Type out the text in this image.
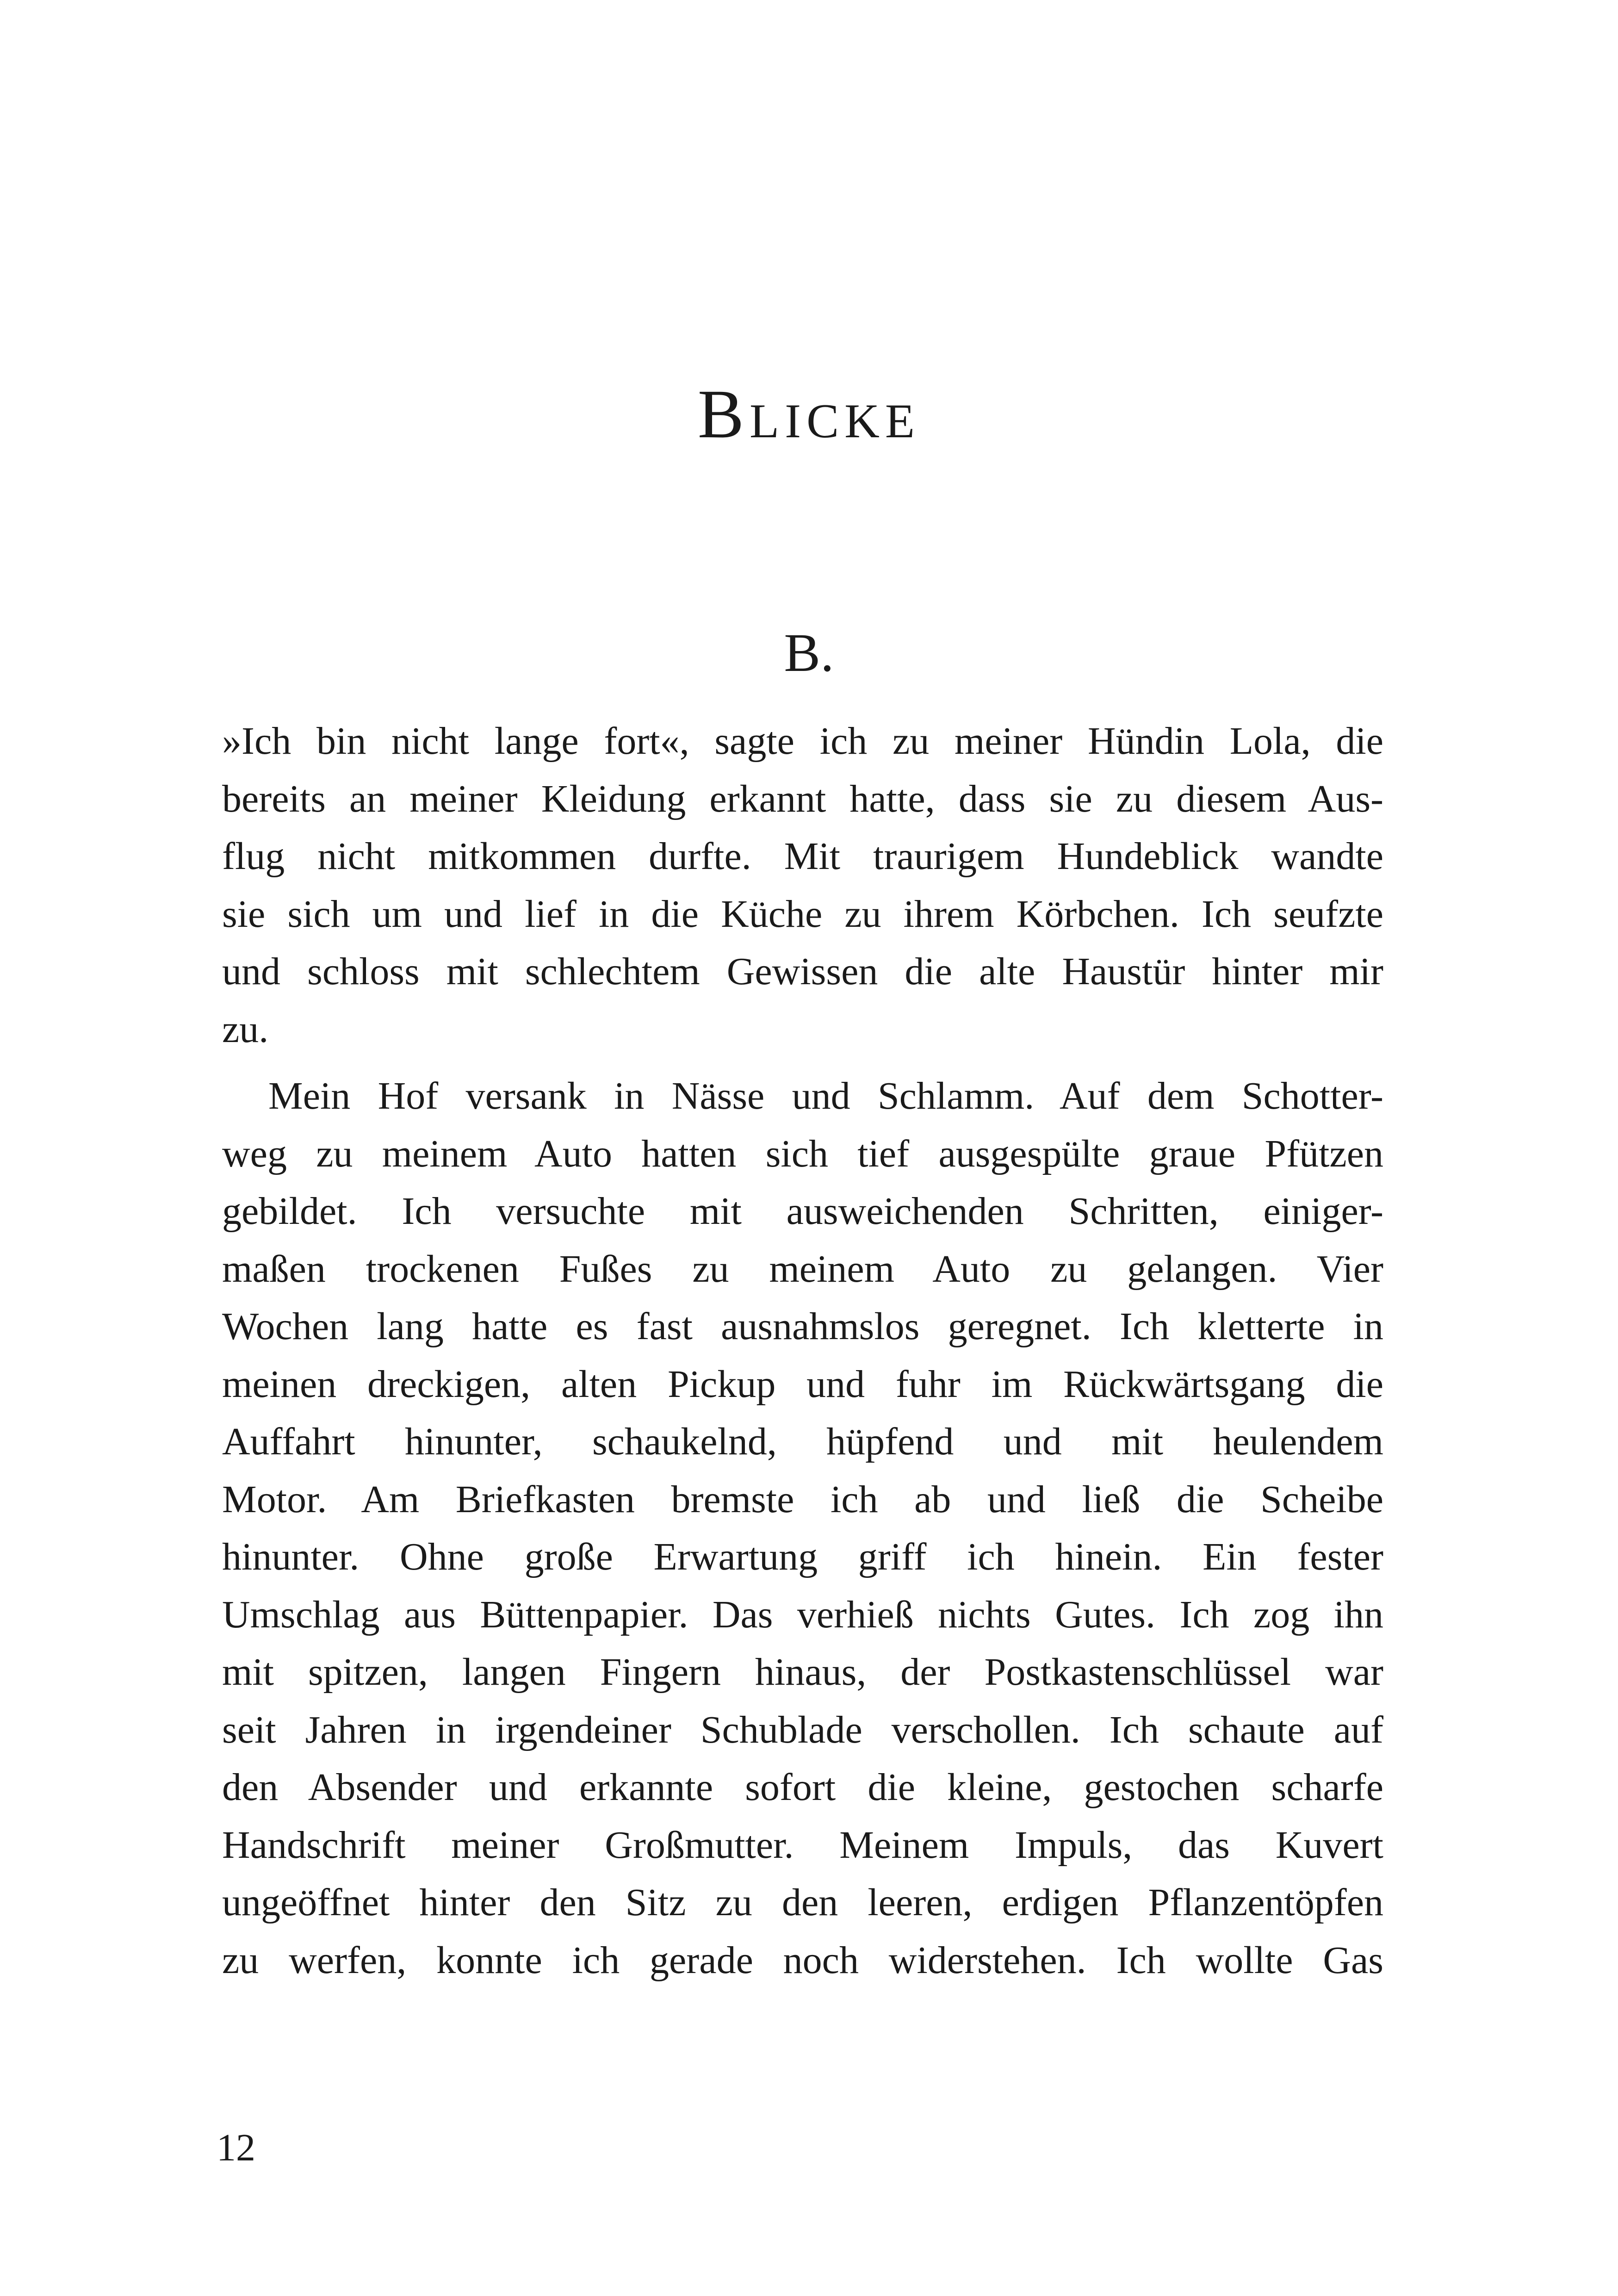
Blicke
B.
»Ich bin nicht lange fort«, sagte ich zu meiner Hündin Lola, die
bereits an meiner Kleidung erkannt hatte, dass sie zu diesem Aus-
flug nicht mitkommen durfte. Mit traurigem Hundeblick wandte
sie sich um und lief in die Küche zu ihrem Körbchen. Ich seufzte
und schloss mit schlechtem Gewissen die alte Haustür hinter mir
zu.
Mein Hof versank in Nässe und Schlamm. Auf dem Schotter-
weg zu meinem Auto hatten sich tief ausgespülte graue Pfützen
gebildet. Ich versuchte mit ausweichenden Schritten, einiger-
maßen trockenen Fußes zu meinem Auto zu gelangen. Vier
Wochen lang hatte es fast ausnahmslos geregnet. Ich kletterte in
meinen dreckigen, alten Pickup und fuhr im Rückwärtsgang die
Auffahrt hinunter, schaukelnd, hüpfend und mit heulendem
Motor. Am Briefkasten bremste ich ab und ließ die Scheibe
hinunter. Ohne große Erwartung griff ich hinein. Ein fester
Umschlag aus Büttenpapier. Das verhieß nichts Gutes. Ich zog ihn
mit spitzen, langen Fingern hinaus, der Postkastenschlüssel war
seit Jahren in irgendeiner Schublade verschollen. Ich schaute auf
den Absender und erkannte sofort die kleine, gestochen scharfe
Handschrift meiner Großmutter. Meinem Impuls, das Kuvert
ungeöffnet hinter den Sitz zu den leeren, erdigen Pflanzentöpfen
zu werfen, konnte ich gerade noch widerstehen. Ich wollte Gas
12
